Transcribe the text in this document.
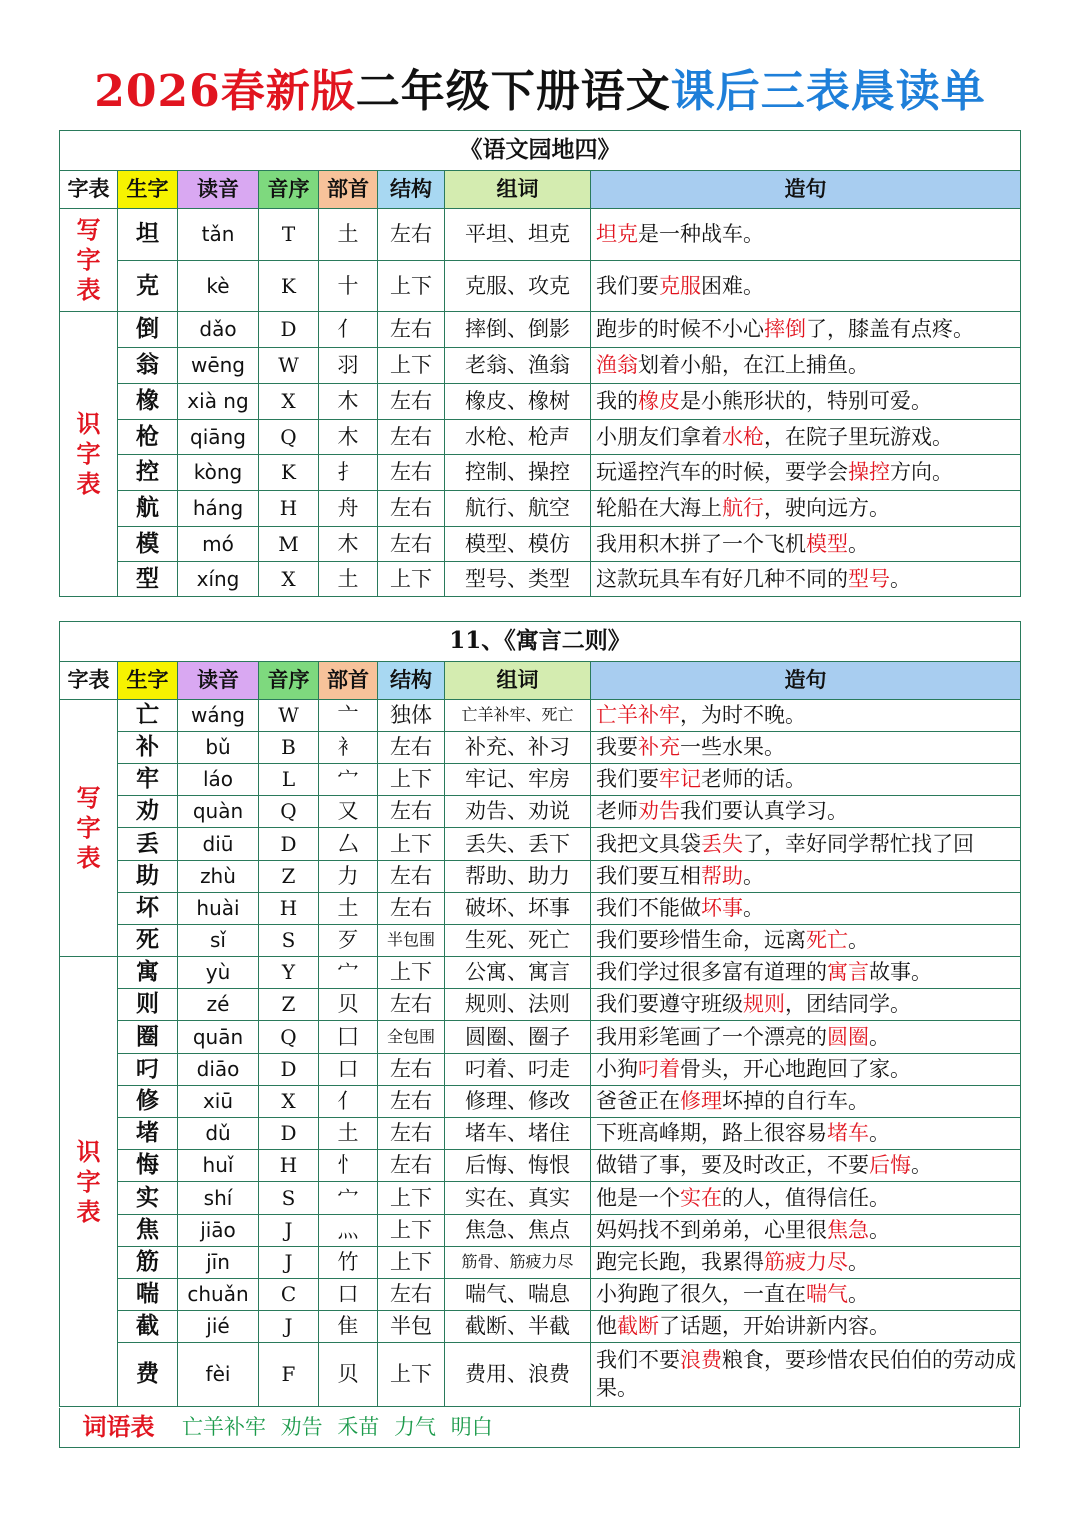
2026春新版二年级下册语文课后三表晨读单
《语文园地四》							
字表	生字	读音	音序	部首	结构	组词	造句

写
字
表	坦	tǎn	T	土	左右	平坦、坦克	坦克是一种战车。
	克	kè	K	十	上下	克服、攻克	我们要克服困难。

识
字
表	倒	dǎo	D	亻	左右	摔倒、倒影	跑步的时候不小心摔倒了，膝盖有点疼。
	翁	wēng	W	羽	上下	老翁、渔翁	渔翁划着小船，在江上捕鱼。
	橡	xià ng	X	木	左右	橡皮、橡树	我的橡皮是小熊形状的，特别可爱。
	枪	qiāng	Q	木	左右	水枪、枪声	小朋友们拿着水枪，在院子里玩游戏。
	控	kòng	K	扌	左右	控制、操控	玩遥控汽车的时候，要学会操控方向。
	航	háng	H	舟	左右	航行、航空	轮船在大海上航行，驶向远方。
	模	mó	M	木	左右	模型、模仿	我用积木拼了一个飞机模型。
	型	xíng	X	土	上下	型号、类型	这款玩具车有好几种不同的型号。
11、《寓言二则》							
字表	生字	读音	音序	部首	结构	组词	造句

写
字
表	亡	wáng	W	亠	独体	亡羊补牢、死亡	亡羊补牢，为时不晚。
	补	bǔ	B	衤	左右	补充、补习	我要补充一些水果。
	牢	láo	L	宀	上下	牢记、牢房	我们要牢记老师的话。
	劝	quàn	Q	又	左右	劝告、劝说	老师劝告我们要认真学习。
	丢	diū	D	厶	上下	丢失、丢下	我把文具袋丢失了，幸好同学帮忙找了回
	助	zhù	Z	力	左右	帮助、助力	我们要互相帮助。
	坏	huài	H	土	左右	破坏、坏事	我们不能做坏事。
	死	sǐ	S	歹	半包围	生死、死亡	我们要珍惜生命，远离死亡。

识
字
表	寓	yù	Y	宀	上下	公寓、寓言	我们学过很多富有道理的寓言故事。
	则	zé	Z	贝	左右	规则、法则	我们要遵守班级规则，团结同学。
	圈	quān	Q	囗	全包围	圆圈、圈子	我用彩笔画了一个漂亮的圆圈。
	叼	diāo	D	口	左右	叼着、叼走	小狗叼着骨头，开心地跑回了家。
	修	xiū	X	亻	左右	修理、修改	爸爸正在修理坏掉的自行车。
	堵	dǔ	D	土	左右	堵车、堵住	下班高峰期，路上很容易堵车。
	悔	huǐ	H	忄	左右	后悔、悔恨	做错了事，要及时改正，不要后悔。
	实	shí	S	宀	上下	实在、真实	他是一个实在的人，值得信任。
	焦	jiāo	J	灬	上下	焦急、焦点	妈妈找不到弟弟，心里很焦急。
	筋	jīn	J	竹	上下	筋骨、筋疲力尽	跑完长跑，我累得筋疲力尽。
	喘	chuǎn	C	口	左右	喘气、喘息	小狗跑了很久，一直在喘气。
	截	jié	J	隹	半包	截断、半截	他截断了话题，开始讲新内容。
	费	fèi	F	贝	上下	费用、浪费	我们不要浪费粮食，要珍惜农民伯伯的劳动成果。
词语表	亡羊补牢 劝告 禾苗 力气 明白
